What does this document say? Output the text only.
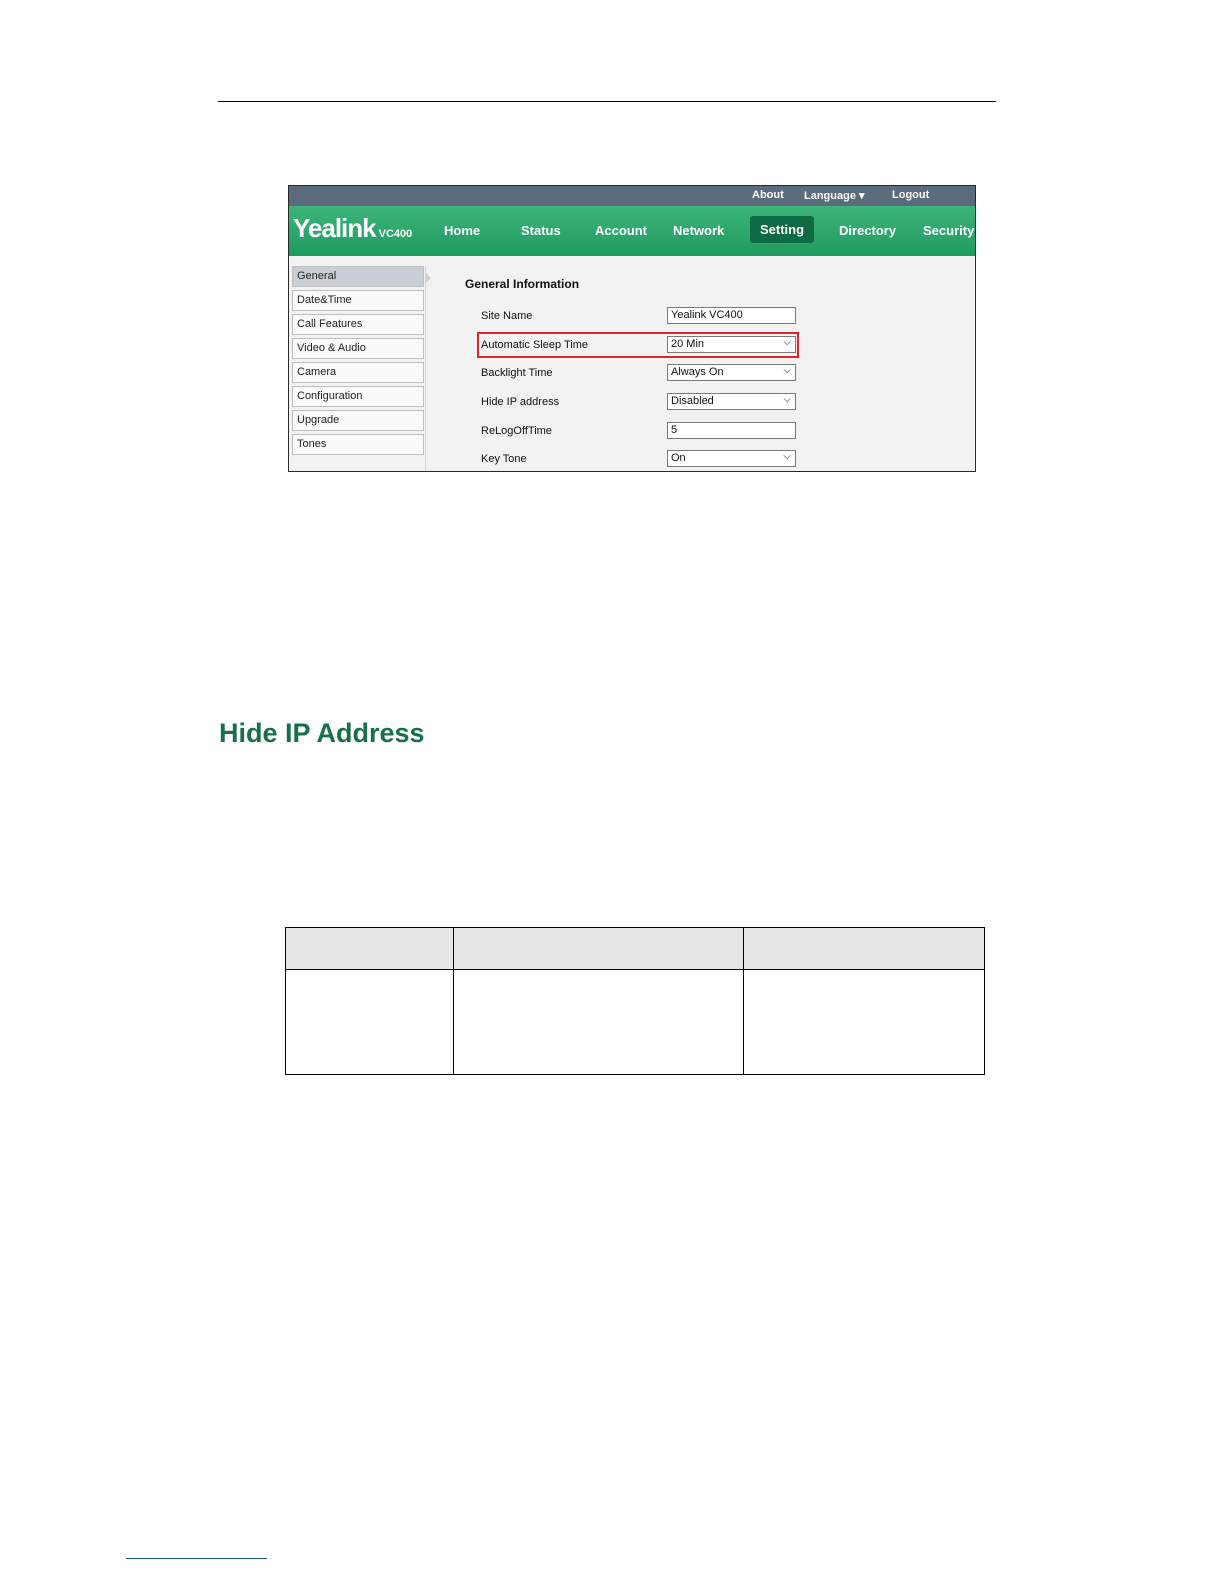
About Language ▾ Logout
Yealink VC400 Home	Status	Account Network	Setting	Directory Security
General
Date&Time
Call Features
Video & Audio
Camera
Configuration
Upgrade
Tones
General Information
Site Name	Yealink VC400
Automatic Sleep Time	20 Min	⌵
Backlight Time	Always On	⌵
Hide IP address	Disabled	⌵
ReLogOffTime	5
Key Tone	On	⌵
Hide IP Address
